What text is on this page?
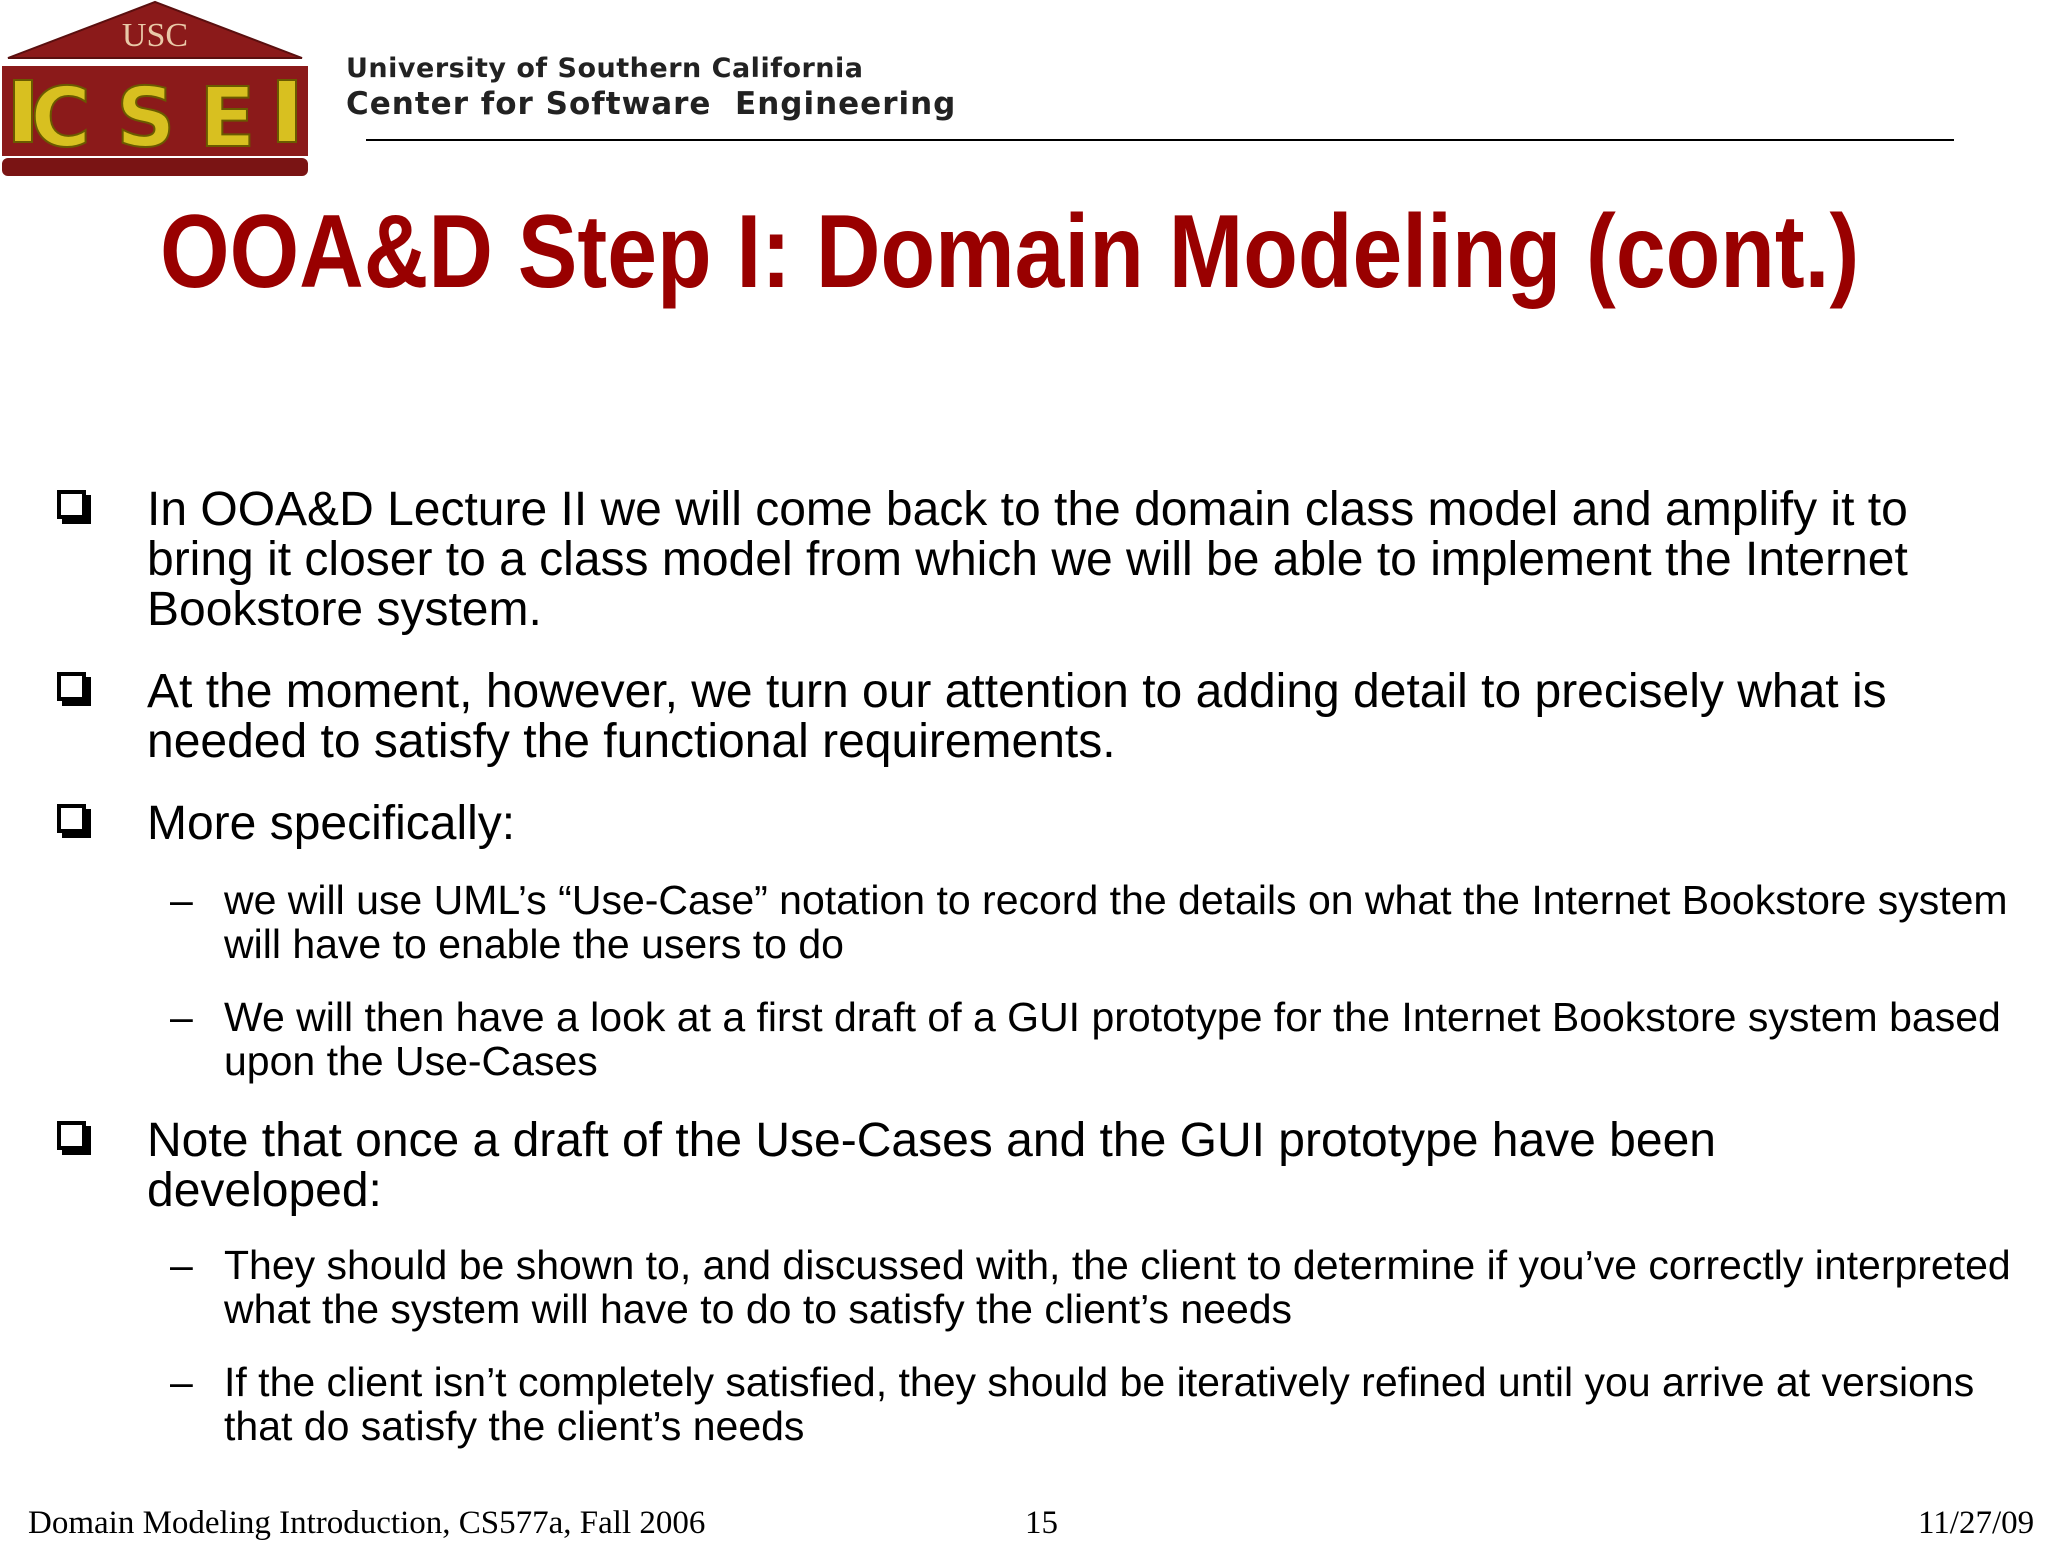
USC
CSE
University of Southern California
Center for Software  Engineering
OOA&D Step I: Domain Modeling (cont.)
In OOA&D Lecture II we will come back to the domain class model and amplify it to bring it closer to a class model from which we will be able to implement the Internet Bookstore system.
At the moment, however, we turn our attention to adding detail to precisely what is needed to satisfy the functional requirements.
More specifically:
– we will use UML’s “Use-Case” notation to record the details on what the Internet Bookstore system will have to enable the users to do
– We will then have a look at a first draft of a GUI prototype for the Internet Bookstore system based upon the Use-Cases
Note that once a draft of the Use-Cases and the GUI prototype have been developed:
– They should be shown to, and discussed with, the client to determine if you’ve correctly interpreted what the system will have to do to satisfy the client’s needs
– If the client isn’t completely satisfied, they should be iteratively refined until you arrive at versions that do satisfy the client’s needs
Domain Modeling Introduction, CS577a, Fall 2006	15	11/27/09
